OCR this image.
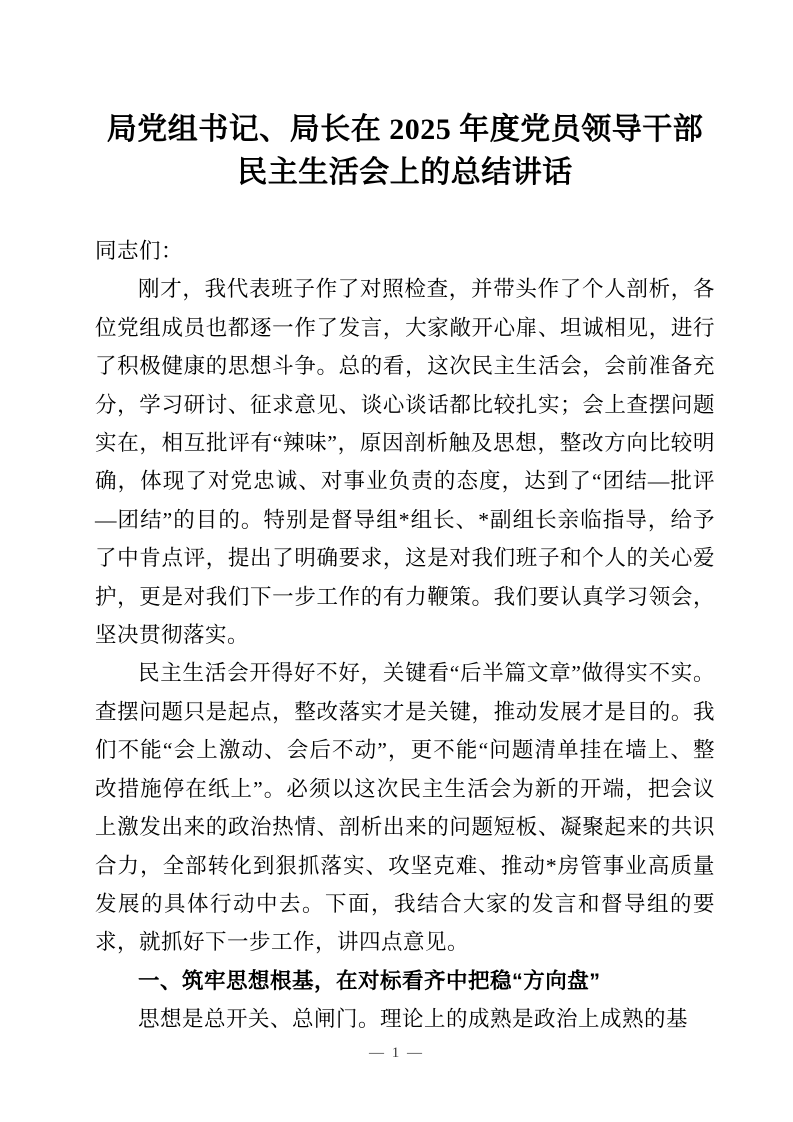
局党组书记、局长在 2025 年度党员领导干部民主生活会上的总结讲话

同志们：

刚才，我代表班子作了对照检查，并带头作了个人剖析，各位党组成员也都逐一作了发言，大家敞开心扉、坦诚相见，进行了积极健康的思想斗争。总的看，这次民主生活会，会前准备充分，学习研讨、征求意见、谈心谈话都比较扎实；会上查摆问题实在，相互批评有“辣味”，原因剖析触及思想，整改方向比较明确，体现了对党忠诚、对事业负责的态度，达到了“团结—批评—团结”的目的。特别是督导组*组长、*副组长亲临指导，给予了中肯点评，提出了明确要求，这是对我们班子和个人的关心爱护，更是对我们下一步工作的有力鞭策。我们要认真学习领会，坚决贯彻落实。

民主生活会开得好不好，关键看“后半篇文章”做得实不实。查摆问题只是起点，整改落实才是关键，推动发展才是目的。我们不能“会上激动、会后不动”，更不能“问题清单挂在墙上、整改措施停在纸上”。必须以这次民主生活会为新的开端，把会议上激发出来的政治热情、剖析出来的问题短板、凝聚起来的共识合力，全部转化到狠抓落实、攻坚克难、推动*房管事业高质量发展的具体行动中去。下面，我结合大家的发言和督导组的要求，就抓好下一步工作，讲四点意见。

一、筑牢思想根基，在对标看齐中把稳“方向盘”

思想是总开关、总闸门。理论上的成熟是政治上成熟的基

— 1 —
